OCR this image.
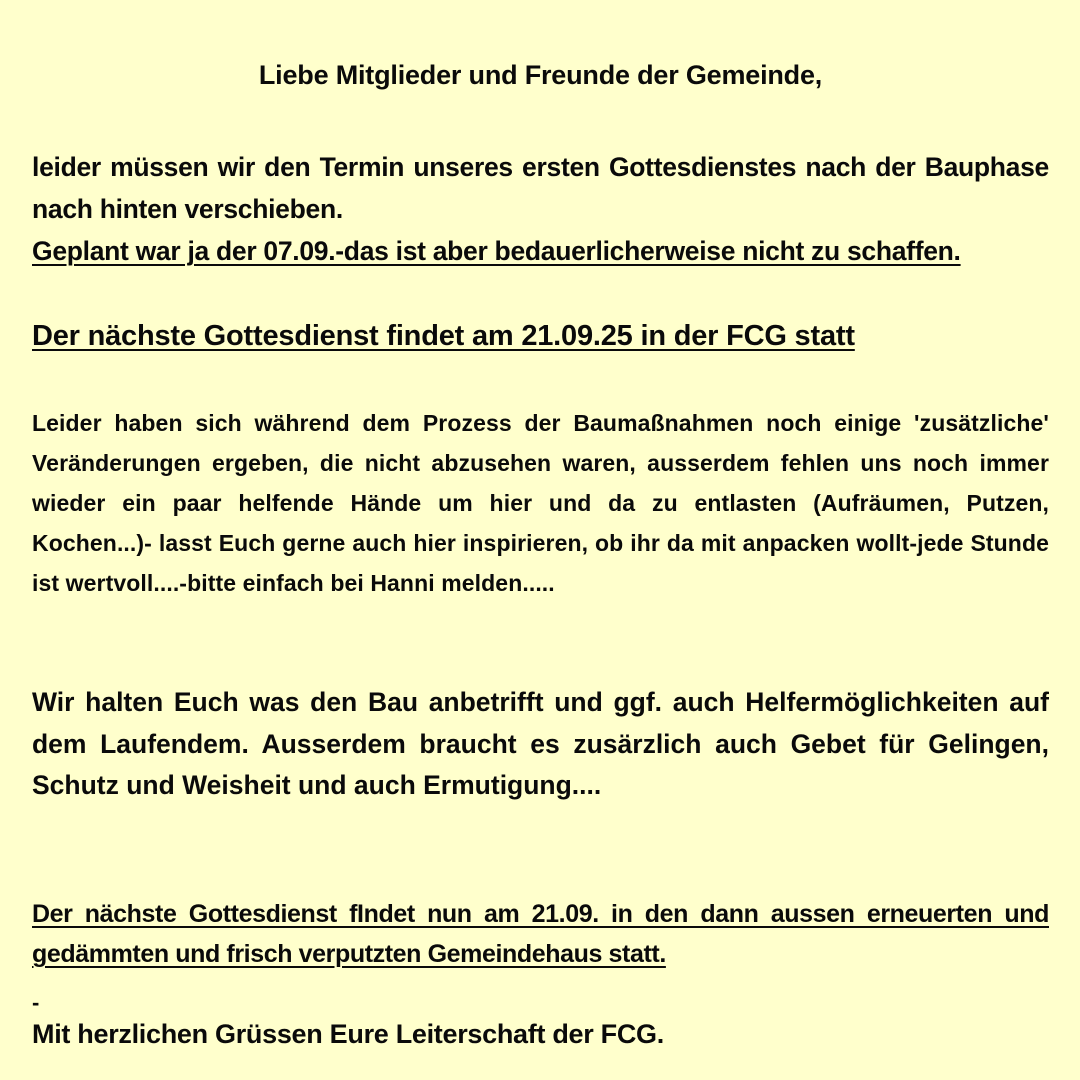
Liebe Mitglieder und Freunde der Gemeinde,
leider müssen wir den Termin unseres ersten Gottesdienstes nach der Bauphase nach hinten verschieben.
Geplant war ja der 07.09.-das ist aber bedauerlicherweise nicht zu schaffen.
Der nächste Gottesdienst findet am 21.09.25 in der FCG statt
Leider haben sich während dem Prozess der Baumaßnahmen noch einige 'zusätzliche' Veränderungen ergeben, die nicht abzusehen waren, ausserdem fehlen uns noch immer wieder ein paar helfende Hände um hier und da zu entlasten (Aufräumen, Putzen, Kochen...)- lasst Euch gerne auch hier inspirieren, ob ihr da mit anpacken wollt-jede Stunde ist wertvoll....-bitte einfach bei Hanni melden.....
Wir halten Euch was den Bau anbetrifft und ggf. auch Helfermöglichkeiten auf dem Laufendem. Ausserdem braucht es zusärzlich auch Gebet für Gelingen, Schutz und Weisheit und auch Ermutigung....
Der nächste Gottesdienst fIndet nun am 21.09. in den dann aussen erneuerten und gedämmten und frisch verputzten Gemeindehaus statt.
-
Mit herzlichen Grüssen Eure Leiterschaft der FCG.
